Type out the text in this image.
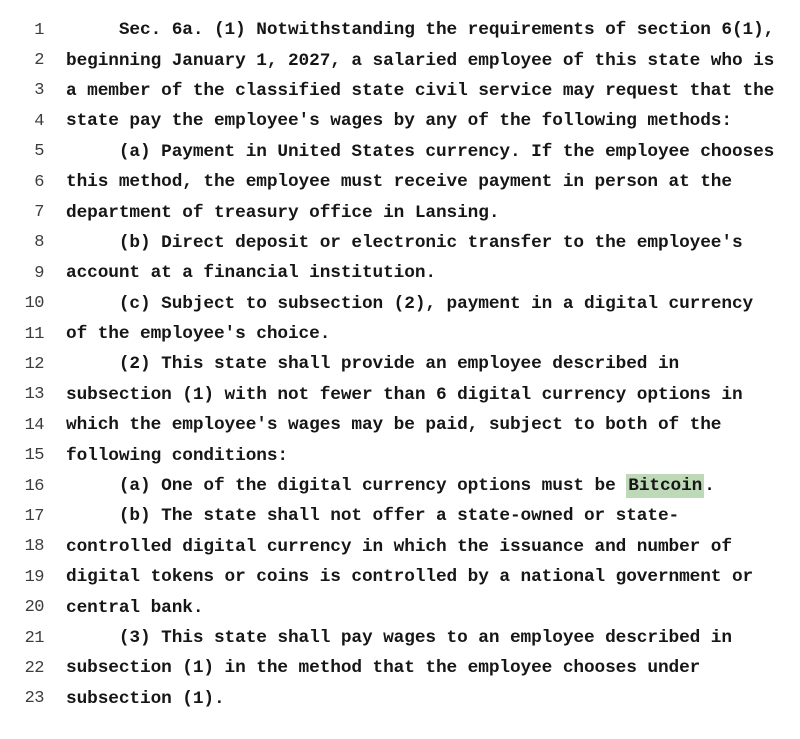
1 Sec. 6a. (1) Notwithstanding the requirements of section 6(1),
2 beginning January 1, 2027, a salaried employee of this state who is
3 a member of the classified state civil service may request that the
4 state pay the employee's wages by any of the following methods:
5 (a) Payment in United States currency. If the employee chooses
6 this method, the employee must receive payment in person at the
7 department of treasury office in Lansing.
8 (b) Direct deposit or electronic transfer to the employee's
9 account at a financial institution.
10 (c) Subject to subsection (2), payment in a digital currency
11 of the employee's choice.
12 (2) This state shall provide an employee described in
13 subsection (1) with not fewer than 6 digital currency options in
14 which the employee's wages may be paid, subject to both of the
15 following conditions:
16 (a) One of the digital currency options must be Bitcoin .
17 (b) The state shall not offer a state-owned or state-
18 controlled digital currency in which the issuance and number of
19 digital tokens or coins is controlled by a national government or
20 central bank.
21 (3) This state shall pay wages to an employee described in
22 subsection (1) in the method that the employee chooses under
23 subsection (1).
